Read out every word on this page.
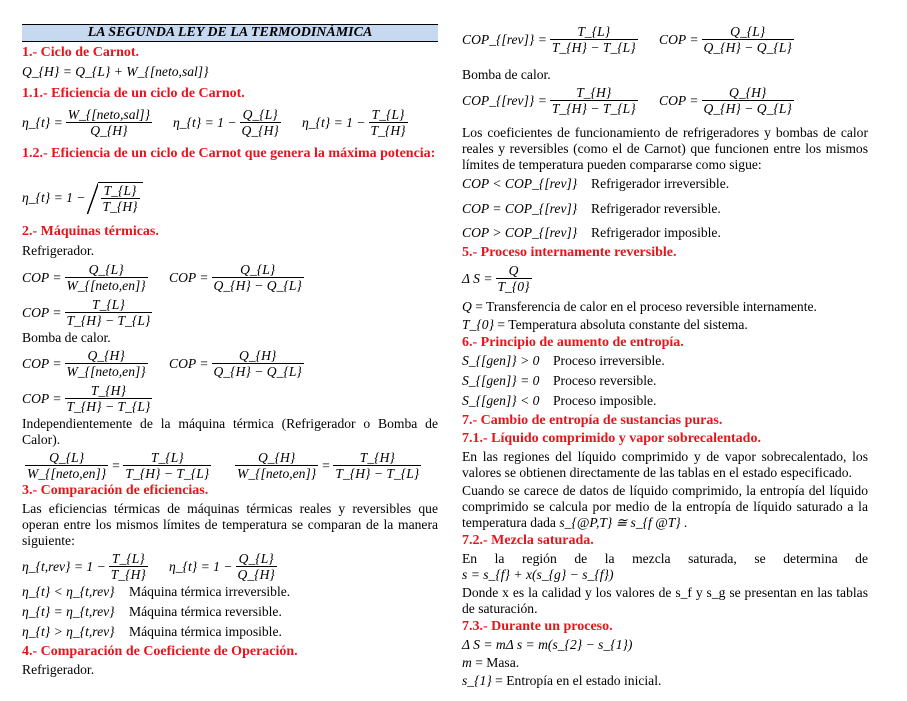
LA SEGUNDA LEY DE LA TERMODINÁMICA
1.- Ciclo de Carnot.
Q_{H} = Q_{L} + W_{[neto,sal]}
1.1.- Eficiencia de un ciclo de Carnot.
η_{t} = W_{[neto,sal]}
Q_{H}
η_{t} = $1 - \frac{Q\_\{L\}}{Q\_\{H\}}$ η_{t} = $1 - \frac{T\_\{L\}}{T\_\{H\}}$
1.2.- Eficiencia de un ciclo de Carnot que genera la máxima potencia:
η_{t} = $1 - \frac{T\_\{L\}}{T\_\{H\}}$
2.- Máquinas térmicas.
Refrigerador.
COP =	Q_{L}
W_{[neto,en]}
COP = $\frac{Q\_\{L\}}{Q\_\{H\} - Q\_\{L\}}$
COP = $\frac{T\_\{L\}}{T\_\{H\} - T\_\{L\}}$
Bomba de calor.
COP =	Q_{H}
W_{[neto,en]}
COP = $\frac{Q\_\{H\}}{Q\_\{H\} - Q\_\{L\}}$
COP = $\frac{T\_\{H\}}{T\_\{H\} - T\_\{L\}}$
Independientemente de la máquina térmica (Refrigerador o Bomba de Calor).
Q_{L}
W_{[neto,en]}
= $\frac{T\_\{L\}}{T\_\{H\} - T\_\{L\}}$	Q_{H}
W_{[neto,en]}
= $\frac{T\_\{H\}}{T\_\{H\} - T\_\{L\}}$
3.- Comparación de eficiencias.
Las eficiencias térmicas de máquinas térmicas reales y reversibles que operan entre los mismos límites de temperatura se comparan de la manera siguiente:
η_{t,rev} = $1 - \frac{T\_\{L\}}{T\_\{H\}}$ η_{t} = $1 - \frac{Q\_\{L\}}{Q\_\{H\}}$
η_{t} < η_{t,rev} Máquina térmica irreversible.
η_{t} = η_{t,rev} Máquina térmica reversible.
η_{t} > η_{t,rev} Máquina térmica imposible.
4.- Comparación de Coeficiente de Operación.
Refrigerador.
COP_{[rev]} = $\frac{T\_\{L\}}{T\_\{H\} - T\_\{L\}}$ COP = $\frac{Q\_\{L\}}{Q\_\{H\} - Q\_\{L\}}$
Bomba de calor.
COP_{[rev]} = $\frac{T\_\{H\}}{T\_\{H\} - T\_\{L\}}$ COP = $\frac{Q\_\{H\}}{Q\_\{H\} - Q\_\{L\}}$
Los coeficientes de funcionamiento de refrigeradores y bombas de calor reales y reversibles (como el de Carnot) que funcionen entre los mismos límites de temperatura pueden compararse como sigue:
COP < COP_{[rev]} Refrigerador irreversible.
COP = COP_{[rev]} Refrigerador reversible.
COP > COP_{[rev]} Refrigerador imposible.
5.- Proceso internamente reversible.
Δ $S = \frac{Q}{T\_\{0\}}$
Q = Transferencia de calor en el proceso reversible internamente.
T_{0} = Temperatura absoluta constante del sistema.
6.- Principio de aumento de entropía.
S_{[gen]} > 0 Proceso irreversible.
S_{[gen]} = 0 Proceso reversible.
S_{[gen]} < 0 Proceso imposible.
7.- Cambio de entropía de sustancias puras.
7.1.- Líquido comprimido y vapor sobrecalentado.
En las regiones del líquido comprimido y de vapor sobrecalentado, los valores se obtienen directamente de las tablas en el estado especificado.
Cuando se carece de datos de líquido comprimido, la entropía del líquido comprimido se calcula por medio de la entropía de líquido saturado a la temperatura dada s_{@P,T} ≅ s_{f @T} .
7.2.- Mezcla saturada.
En la región de la mezcla saturada, se determina de s = s_{f} + x(s_{g} − s_{f})
Donde x es la calidad y los valores de s_f y s_g se presentan en las tablas de saturación.
7.3.- Durante un proceso.
Δ S = mΔ s = m(s_{2} − s_{1})
m = Masa.
s_{1} = Entropía en el estado inicial.
